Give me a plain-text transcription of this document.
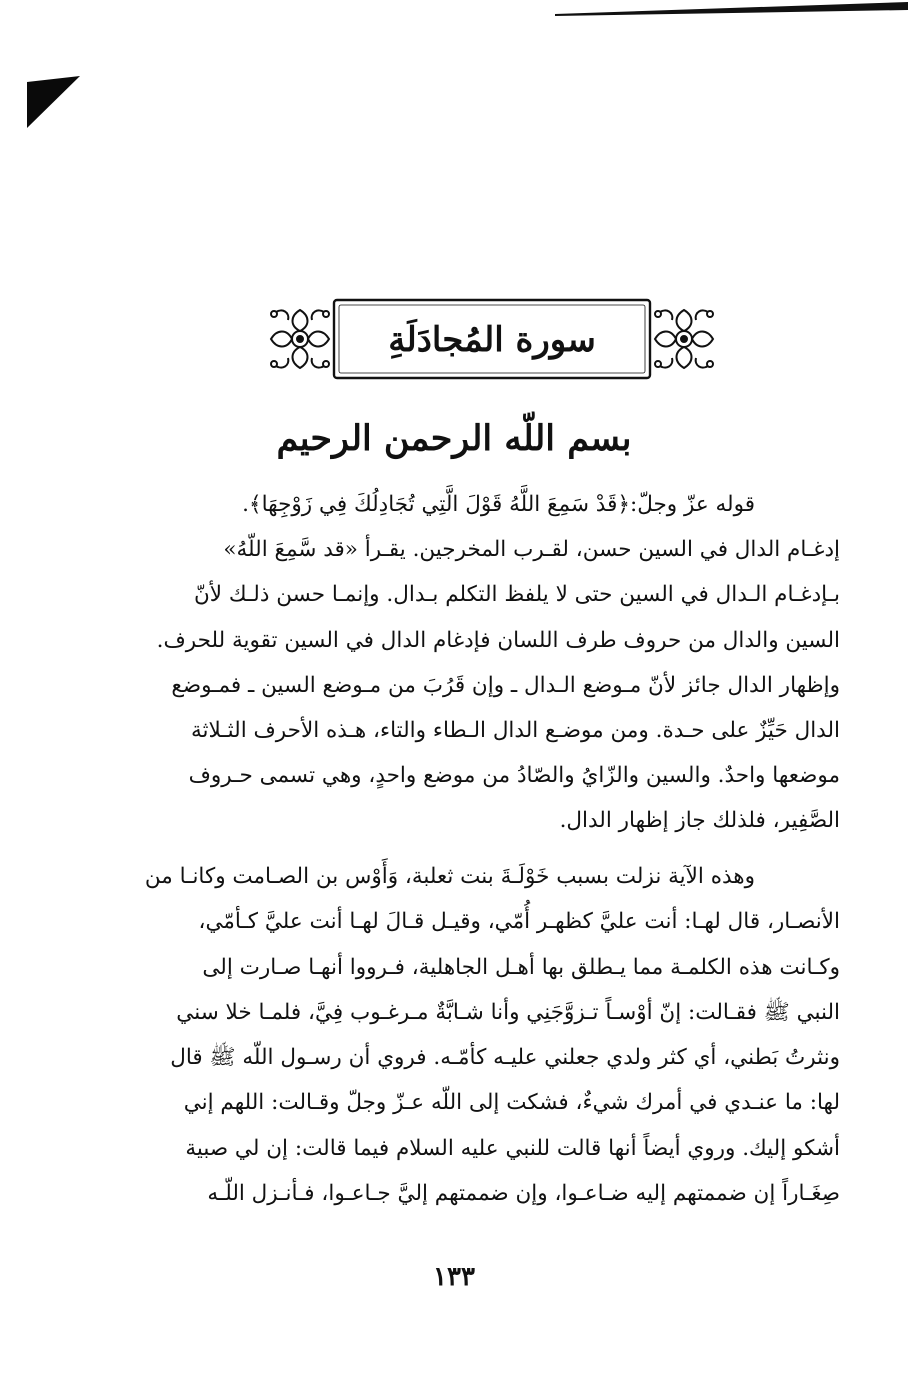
سورة المُجادَلَةِ
بسم اللّه الرحمن الرحيم
قوله عزّ وجلّ:﴿قَدْ سَمِعَ اللَّهُ قَوْلَ الَّتِي تُجَادِلُكَ فِي زَوْجِهَا﴾.
إدغـام الدال في السين حسن، لقـرب المخرجين. يقـرأ «قد سَّمِعَ اللّهُ»
بـإدغـام الـدال في السين حتى لا يلفظ التكلم بـدال. وإنمـا حسن ذلـك لأنّ
السين والدال من حروف طرف اللسان فإدغام الدال في السين تقوية للحرف.
وإظهار الدال جائز لأنّ مـوضع الـدال ـ وإن قَرُبَ من مـوضع السين ـ فمـوضع
الدال حَيِّزٌ على حـدة. ومن موضـع الدال الـطاء والتاء، هـذه الأحرف الثـلاثة
موضعها واحدٌ. والسين والزّايُ والصّادُ من موضع واحدٍ، وهي تسمى حـروف
الصَّفِير، فلذلك جاز إظهار الدال.
وهذه الآية نزلت بسبب خَوْلَـةَ بنت ثعلبة، وَأَوْس بن الصـامت وكانـا من
الأنصـار، قال لهـا: أنت عليَّ كظهـر أُمّي، وقيـل قـالَ لهـا أنت عليَّ كـأمّي،
وكـانت هذه الكلمـة مما يـطلق بها أهـل الجاهلية، فـرووا أنهـا صـارت إلى
النبي ﷺ فقـالت: إنّ أوْسـاً تـزوَّجَنِي وأنا شـابَّةٌ مـرغـوب فِيَّ، فلمـا خلا سني
ونثرتُ بَطني، أي كثر ولدي جعلني عليـه كأمّـه. فروي أن رسـول اللّه ﷺ قال
لها: ما عنـدي في أمرك شيءٌ، فشكت إلى اللّه عـزّ وجلّ وقـالت: اللهم إني
أشكو إليك. وروي أيضاً أنها قالت للنبي عليه السلام فيما قالت: إن لي صبية
صِغَـاراً إن ضممتهم إليه ضـاعـوا، وإن ضممتهم إليَّ جـاعـوا، فـأنـزل اللّـه
١٣٣
